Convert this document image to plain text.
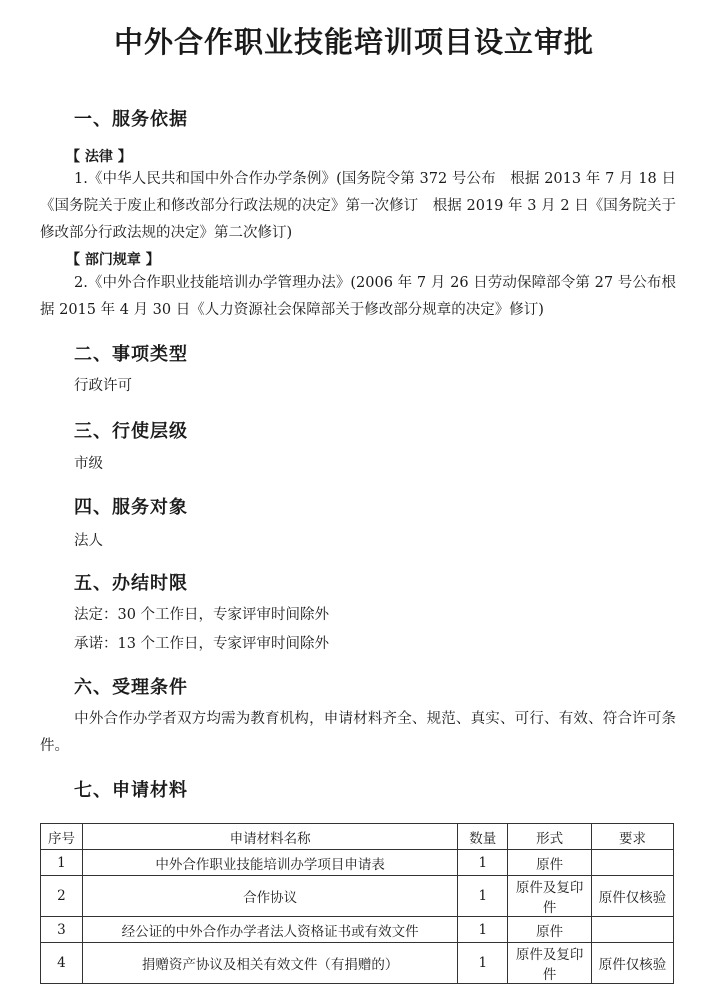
中外合作职业技能培训项目设立审批
一、服务依据
【 法律 】
1.《中华人民共和国中外合作办学条例》(国务院令第 372 号公布　根据 2013 年 7 月 18 日《国务院关于废止和修改部分行政法规的决定》第一次修订　根据 2019 年 3 月 2 日《国务院关于修改部分行政法规的决定》第二次修订)
【 部门规章 】
2.《中外合作职业技能培训办学管理办法》(2006 年 7 月 26 日劳动保障部令第 27 号公布根据 2015 年 4 月 30 日《人力资源社会保障部关于修改部分规章的决定》修订)
二、事项类型
行政许可
三、行使层级
市级
四、服务对象
法人
五、办结时限
法定：30 个工作日，专家评审时间除外
承诺：13 个工作日，专家评审时间除外
六、受理条件
中外合作办学者双方均需为教育机构，申请材料齐全、规范、真实、可行、有效、符合许可条件。
七、申请材料
序号	申请材料名称	数量	形式	要求
1	中外合作职业技能培训办学项目申请表	1	原件	
2	合作协议	1	原件及复印件	原件仅核验
3	经公证的中外合作办学者法人资格证书或有效文件	1	原件	
4	捐赠资产协议及相关有效文件（有捐赠的）	1	原件及复印件	原件仅核验
